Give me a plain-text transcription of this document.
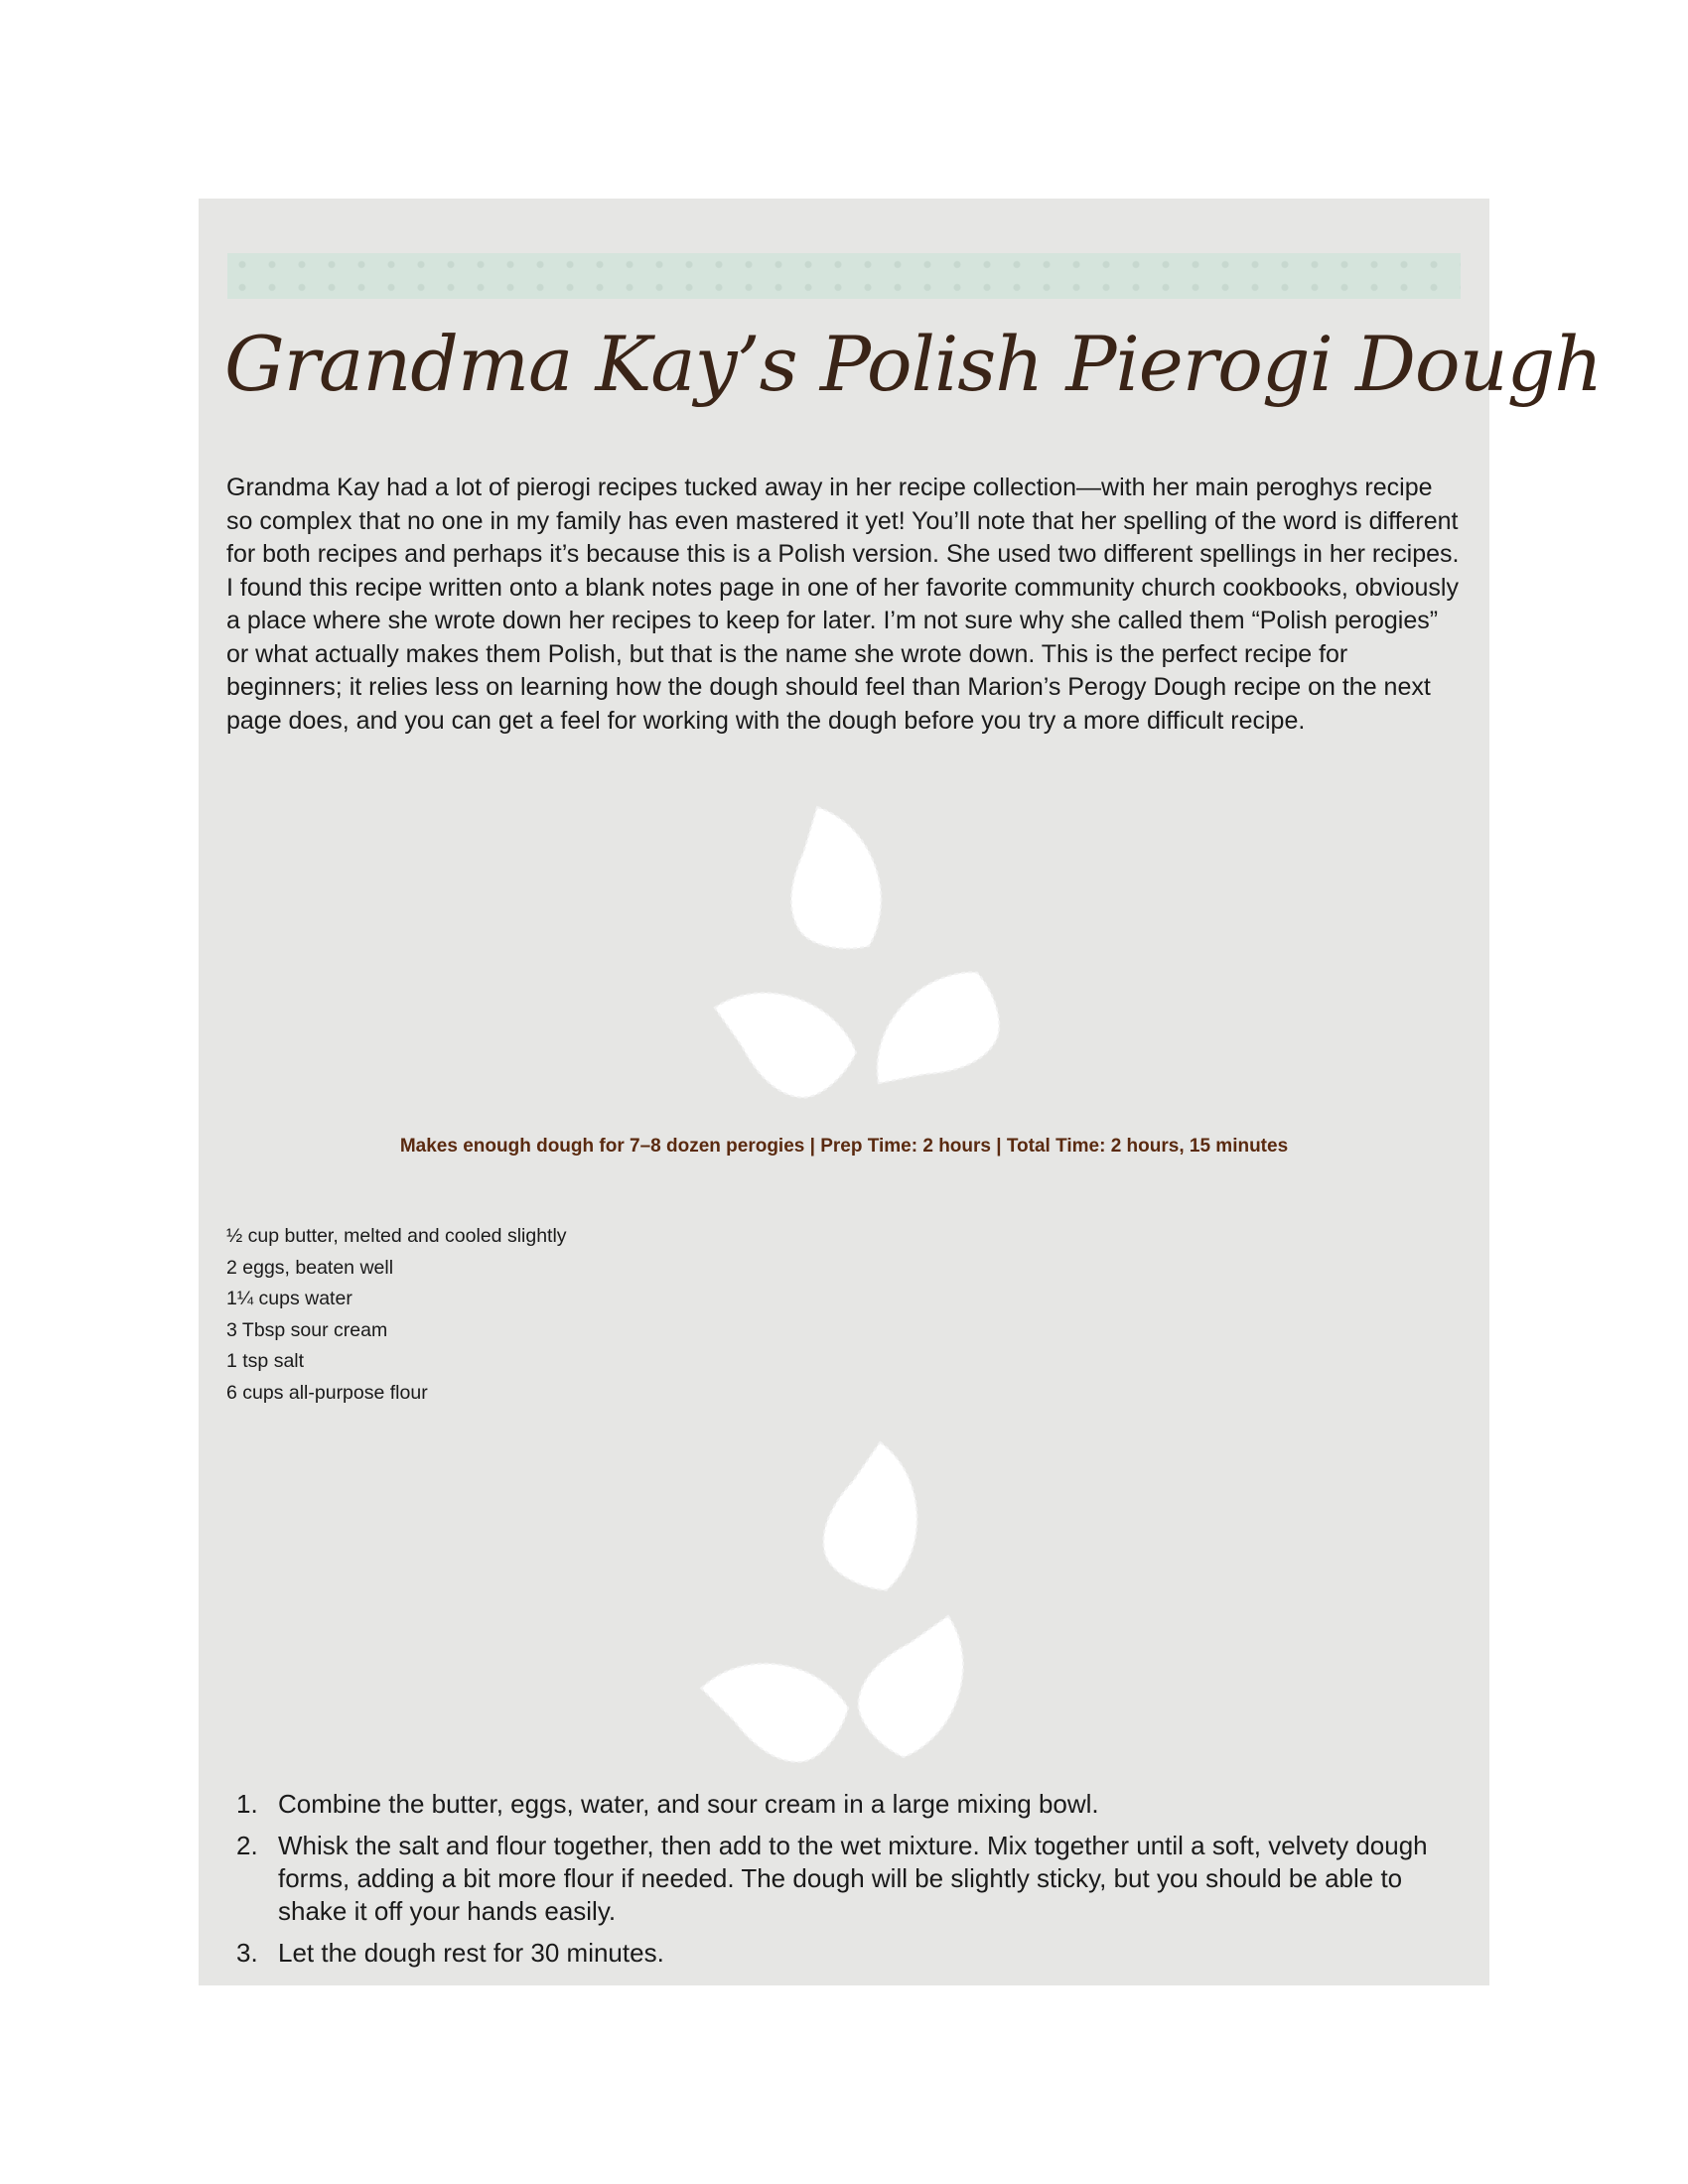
Grandma Kay’s Polish Pierogi Dough

Grandma Kay had a lot of pierogi recipes tucked away in her recipe collection—with her main peroghys recipe so complex that no one in my family has even mastered it yet! You’ll note that her spelling of the word is different for both recipes and perhaps it’s because this is a Polish version. She used two different spellings in her recipes. I found this recipe written onto a blank notes page in one of her favorite community church cookbooks, obviously a place where she wrote down her recipes to keep for later. I’m not sure why she called them “Polish perogies” or what actually makes them Polish, but that is the name she wrote down. This is the perfect recipe for beginners; it relies less on learning how the dough should feel than Marion’s Perogy Dough recipe on the next page does, and you can get a feel for working with the dough before you try a more difficult recipe.

Makes enough dough for 7–8 dozen perogies | Prep Time: 2 hours | Total Time: 2 hours, 15 minutes

½ cup butter, melted and cooled slightly
2 eggs, beaten well
1¼ cups water
3 Tbsp sour cream
1 tsp salt
6 cups all-purpose flour
1. Combine the butter, eggs, water, and sour cream in a large mixing bowl.
2. Whisk the salt and flour together, then add to the wet mixture. Mix together until a soft, velvety dough forms, adding a bit more flour if needed. The dough will be slightly sticky, but you should be able to shake it off your hands easily.
3. Let the dough rest for 30 minutes.
